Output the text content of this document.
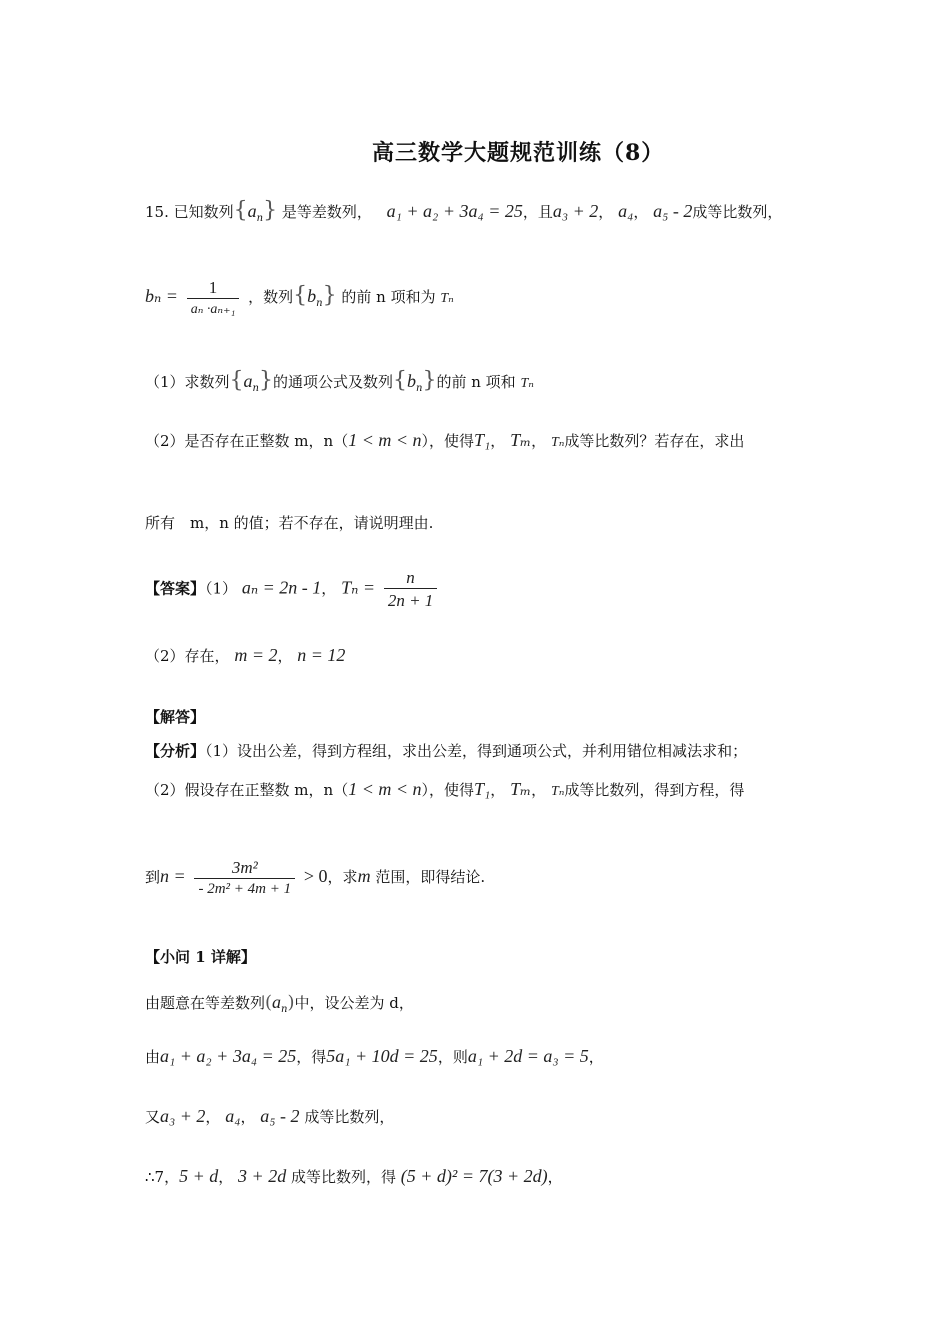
高三数学大题规范训练（8）
15. 已知数列$\{a_n\}$ 是等差数列， a₁ + a₂ + 3a₄ = 25，且a₃ + 2， a₄， a₅ - 2成等比数列，
$b_n = \frac{1}{\text{aₙ ·aₙ₊₁}}$ ，数列$\{b_n\}$ 的前 n 项和为 Tₙ
（1）求数列$\{a_n\}$的通项公式及数列$\{b_n\}$的前 n 项和 Tₙ
（2）是否存在正整数 m，n（1 < m < n），使得T₁， Tₘ， Tₙ成等比数列？若存在，求出
所有　m，n 的值；若不存在，请说明理由.
【答案】（1） aₙ = 2n - 1， $T_n = \frac{n}{2n + 1}$
（2）存在， m = 2， n = 12
【解答】
【分析】（1）设出公差，得到方程组，求出公差，得到通项公式，并利用错位相减法求和；
（2）假设存在正整数 m，n（1 < m < n），使得T₁， Tₘ， Tₙ成等比数列，得到方程，得
到$n = \frac{\text{3m²}}{\text{- 2m² + 4m + 1}} > 0$，求m 范围，即得结论.
【小问 1 详解】
由题意在等差数列$(a_n)$中，设公差为 d，
由a₁ + a₂ + 3a₄ = 25，得5a₁ + 10d = 25，则a₁ + 2d = a₃ = 5，
又a₃ + 2， a₄， a₅ - 2 成等比数列，
∴7，5 + d， 3 + 2d 成等比数列，得 (5 + d)² = 7(3 + 2d)，
